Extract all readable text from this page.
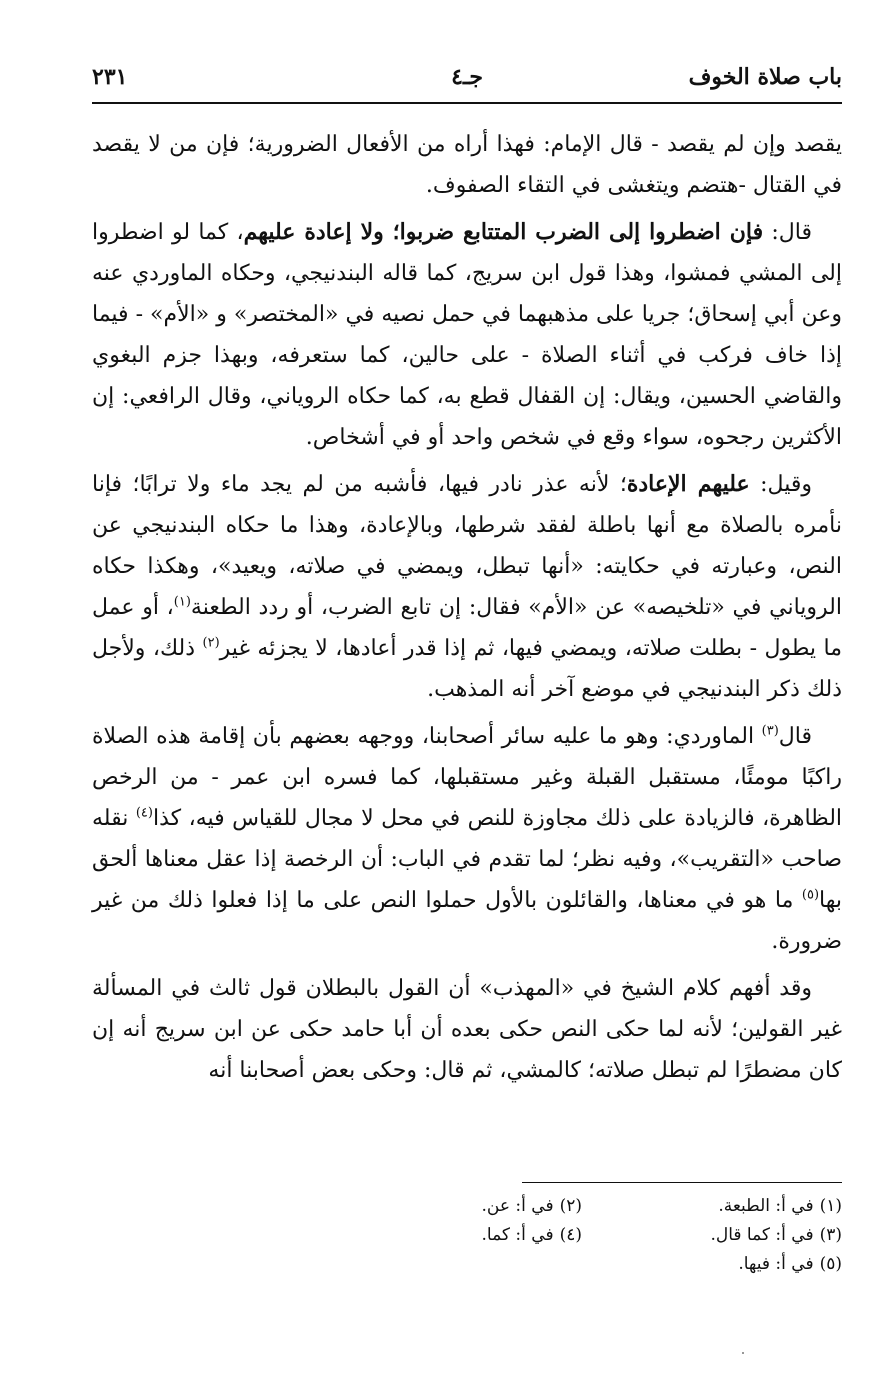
باب صلاة الخوف
جـ٤
٢٣١

يقصد وإن لم يقصد - قال الإمام: فهذا أراه من الأفعال الضرورية؛ فإن من لا يقصد في القتال -هتضم ويتغشى في التقاء الصفوف.

قال: فإن اضطروا إلى الضرب المتتابع ضربوا؛ ولا إعادة عليهم، كما لو اضطروا إلى المشي فمشوا، وهذا قول ابن سريج، كما قاله البندنيجي، وحكاه الماوردي عنه وعن أبي إسحاق؛ جريا على مذهبهما في حمل نصيه في «المختصر» و «الأم» - فيما إذا خاف فركب في أثناء الصلاة - على حالين، كما ستعرفه، وبهذا جزم البغوي والقاضي الحسين، ويقال: إن القفال قطع به، كما حكاه الروياني، وقال الرافعي: إن الأكثرين رجحوه، سواء وقع في شخص واحد أو في أشخاص.

وقيل: عليهم الإعادة؛ لأنه عذر نادر فيها، فأشبه من لم يجد ماء ولا ترابًا؛ فإنا نأمره بالصلاة مع أنها باطلة لفقد شرطها، وبالإعادة، وهذا ما حكاه البندنيجي عن النص، وعبارته في حكايته: «أنها تبطل، ويمضي في صلاته، ويعيد»، وهكذا حكاه الروياني في «تلخيصه» عن «الأم» فقال: إن تابع الضرب، أو ردد الطعنة$^{(١)}$، أو عمل ما يطول - بطلت صلاته، ويمضي فيها، ثم إذا قدر أعادها، لا يجزئه غير$^{(٢)}$ ذلك، ولأجل ذلك ذكر البندنيجي في موضع آخر أنه المذهب.

قال$^{(٣)}$ الماوردي: وهو ما عليه سائر أصحابنا، ووجهه بعضهم بأن إقامة هذه الصلاة راكبًا مومئًا، مستقبل القبلة وغير مستقبلها، كما فسره ابن عمر - من الرخص الظاهرة، فالزيادة على ذلك مجاوزة للنص في محل لا مجال للقياس فيه، كذا$^{(٤)}$ نقله صاحب «التقريب»، وفيه نظر؛ لما تقدم في الباب: أن الرخصة إذا عقل معناها ألحق بها$^{(٥)}$ ما هو في معناها، والقائلون بالأول حملوا النص على ما إذا فعلوا ذلك من غير ضرورة.

وقد أفهم كلام الشيخ في «المهذب» أن القول بالبطلان قول ثالث في المسألة غير القولين؛ لأنه لما حكى النص حكى بعده أن أبا حامد حكى عن ابن سريج أنه إن كان مضطرًا لم تبطل صلاته؛ كالمشي، ثم قال: وحكى بعض أصحابنا أنه

(١)في أ: الطبعة.
(٢)في أ: عن.
(٣)في أ: كما قال.
(٤)في أ: كما.
(٥)في أ: فيها.
